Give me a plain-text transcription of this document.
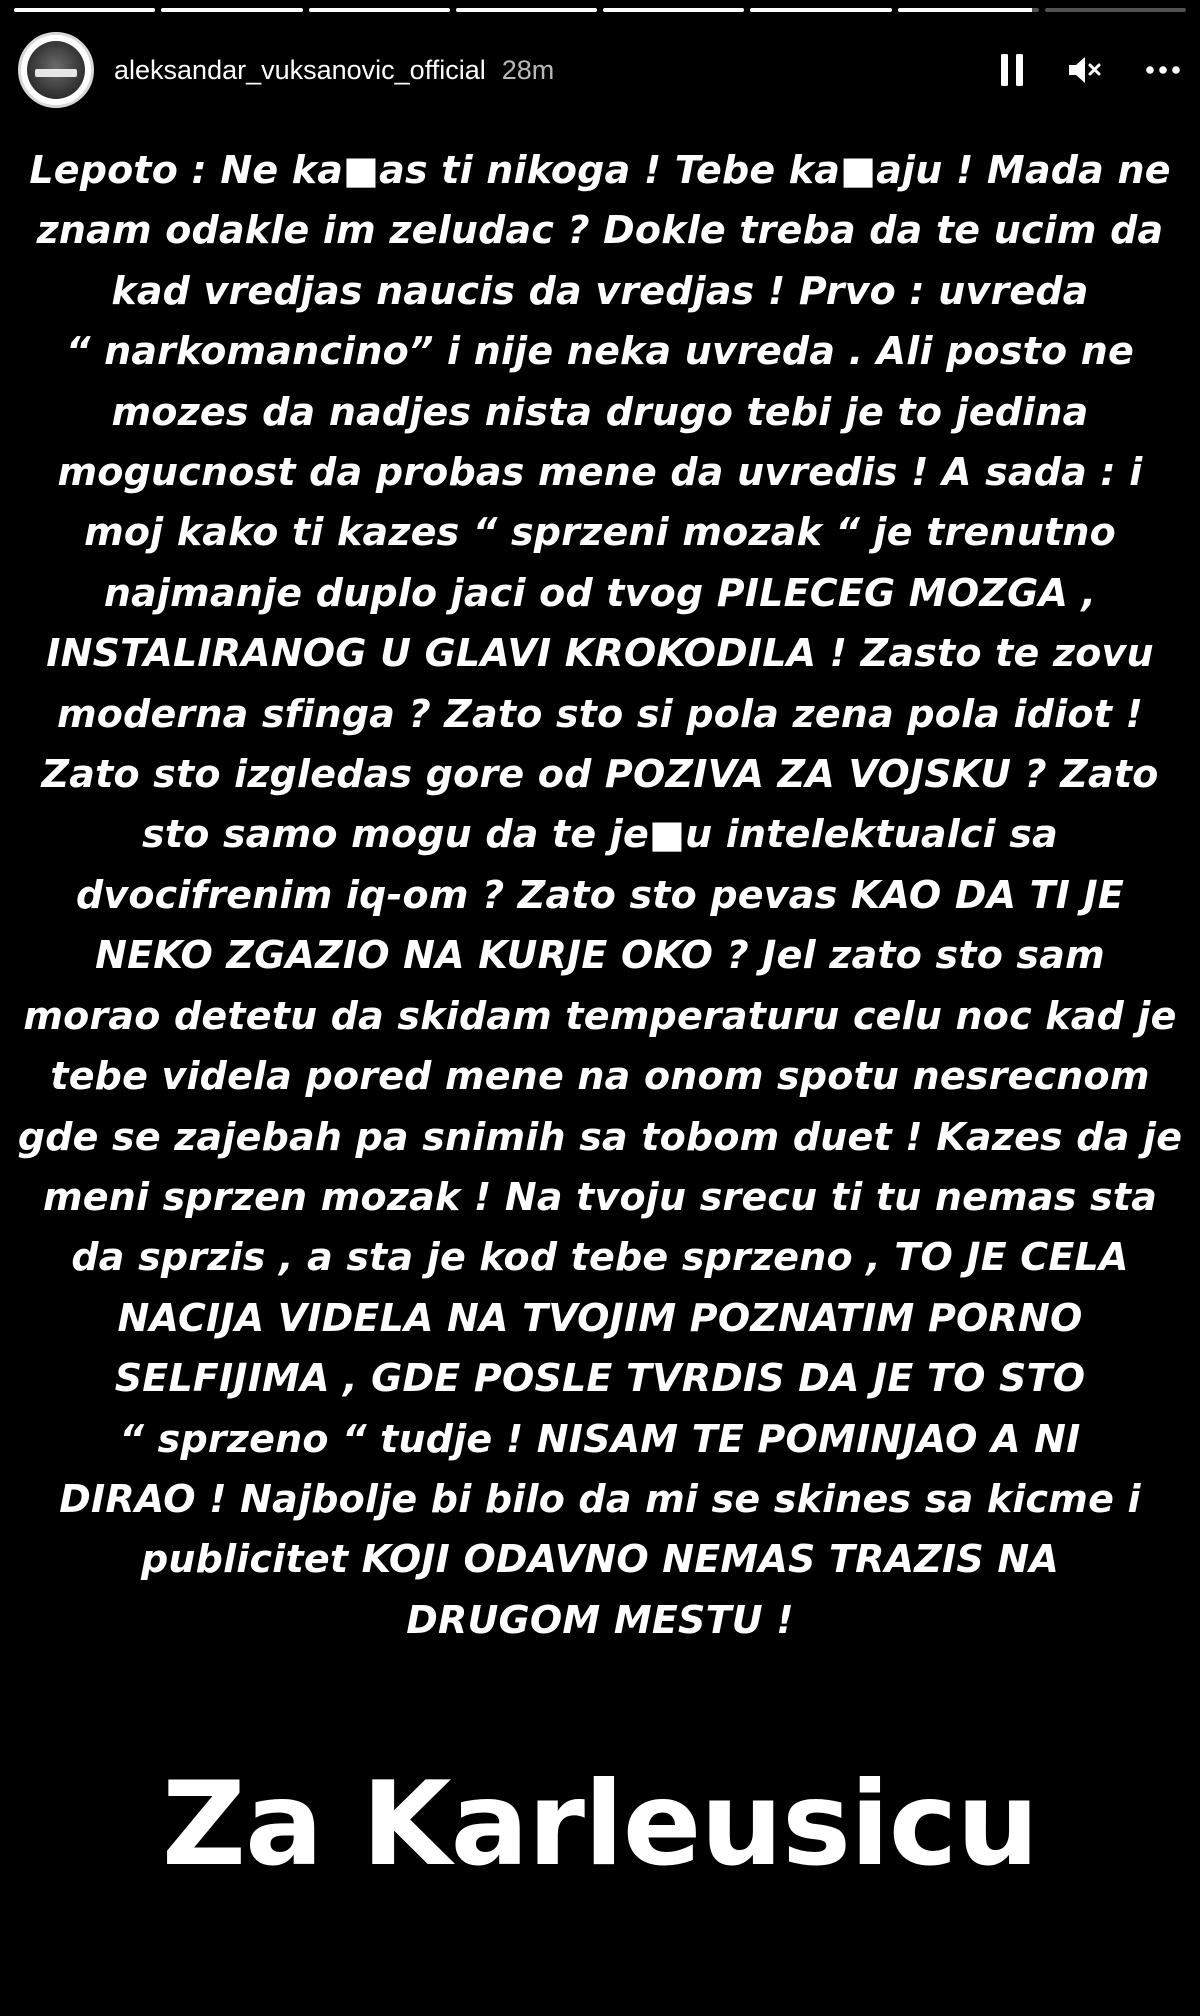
aleksandar_vuksanovic_official 28m
Lepoto : Ne ka■as ti nikoga ! Tebe ka■aju ! Mada ne
znam odakle im zeludac ? Dokle treba da te ucim da
kad vredjas naucis da vredjas ! Prvo : uvreda
“ narkomancino” i nije neka uvreda . Ali posto ne
mozes da nadjes nista drugo tebi je to jedina
mogucnost da probas mene da uvredis ! A sada : i
moj kako ti kazes “ sprzeni mozak “ je trenutno
najmanje duplo jaci od tvog PILECEG MOZGA ,
INSTALIRANOG U GLAVI KROKODILA ! Zasto te zovu
moderna sfinga ? Zato sto si pola zena pola idiot !
Zato sto izgledas gore od POZIVA ZA VOJSKU ? Zato
sto samo mogu da te je■u intelektualci sa
dvocifrenim iq-om ? Zato sto pevas KAO DA TI JE
NEKO ZGAZIO NA KURJE OKO ? Jel zato sto sam
morao detetu da skidam temperaturu celu noc kad je
tebe videla pored mene na onom spotu nesrecnom
gde se zajebah pa snimih sa tobom duet ! Kazes da je
meni sprzen mozak ! Na tvoju srecu ti tu nemas sta
da sprzis , a sta je kod tebe sprzeno , TO JE CELA
NACIJA VIDELA NA TVOJIM POZNATIM PORNO
SELFIJIMA , GDE POSLE TVRDIS DA JE TO STO
“ sprzeno “ tudje ! NISAM TE POMINJAO A NI
DIRAO ! Najbolje bi bilo da mi se skines sa kicme i
publicitet KOJI ODAVNO NEMAS TRAZIS NA
DRUGOM MESTU !
Za Karleusicu
